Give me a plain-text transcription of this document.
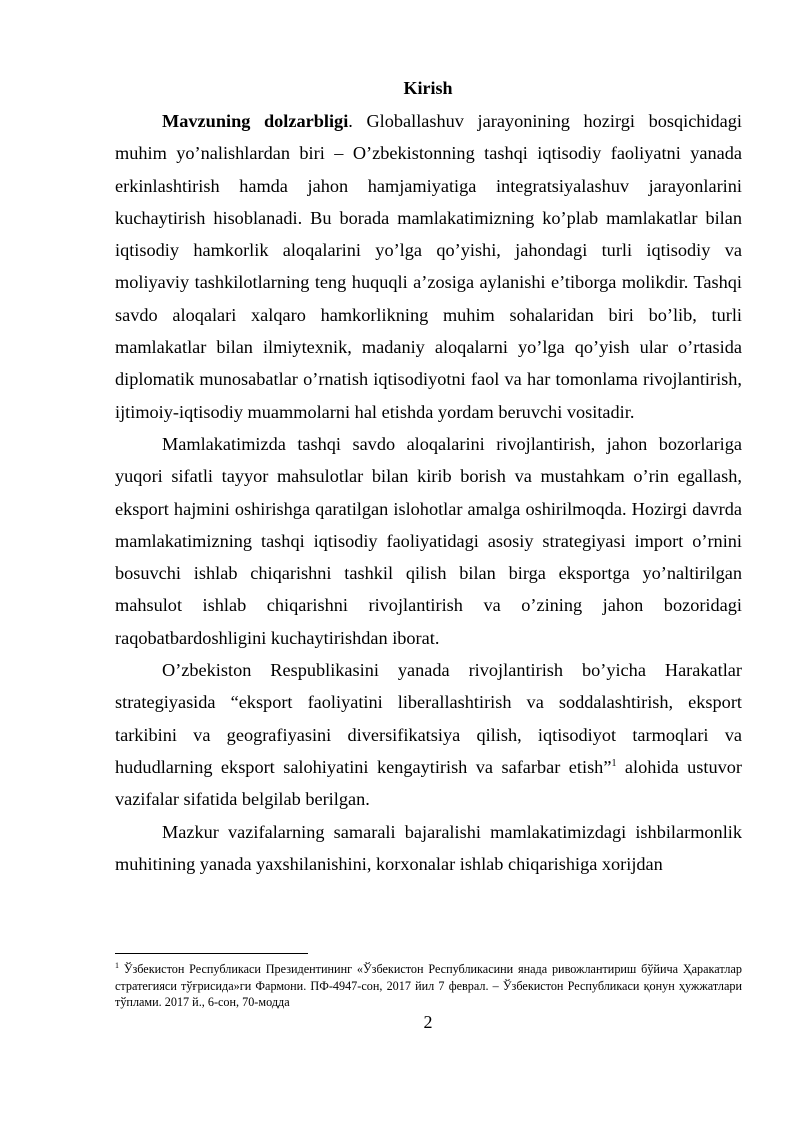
Kirish

Mavzuning dolzarbligi. Globallashuv jarayonining hozirgi bosqichidagi muhim yo’nalishlardan biri – O’zbekistonning tashqi iqtisodiy faoliyatni yanada erkinlashtirish hamda jahon hamjamiyatiga integratsiyalashuv jarayonlarini kuchaytirish hisoblanadi. Bu borada mamlakatimizning ko’plab mamlakatlar bilan iqtisodiy hamkorlik aloqalarini yo’lga qo’yishi, jahondagi turli iqtisodiy va moliyaviy tashkilotlarning teng huquqli a’zosiga aylanishi e’tiborga molikdir. Tashqi savdo aloqalari xalqaro hamkorlikning muhim sohalaridan biri bo’lib, turli mamlakatlar bilan ilmiytexnik, madaniy aloqalarni yo’lga qo’yish ular o’rtasida diplomatik munosabatlar o’rnatish iqtisodiyotni faol va har tomonlama rivojlantirish, ijtimoiy-iqtisodiy muammolarni hal etishda yordam beruvchi vositadir.

Mamlakatimizda tashqi savdo aloqalarini rivojlantirish, jahon bozorlariga yuqori sifatli tayyor mahsulotlar bilan kirib borish va mustahkam o’rin egallash, eksport hajmini oshirishga qaratilgan islohotlar amalga oshirilmoqda. Hozirgi davrda mamlakatimizning tashqi iqtisodiy faoliyatidagi asosiy strategiyasi import o’rnini bosuvchi ishlab chiqarishni tashkil qilish bilan birga eksportga yo’naltirilgan mahsulot ishlab chiqarishni rivojlantirish va o’zining jahon bozoridagi raqobatbardoshligini kuchaytirishdan iborat.

O’zbekiston Respublikasini yanada rivojlantirish bo’yicha Harakatlar strategiyasida “eksport faoliyatini liberallashtirish va soddalashtirish, eksport tarkibini va geografiyasini diversifikatsiya qilish, iqtisodiyot tarmoqlari va hududlarning eksport salohiyatini kengaytirish va safarbar etish”$^1$ alohida ustuvor vazifalar sifatida belgilab berilgan.

Mazkur vazifalarning samarali bajaralishi mamlakatimizdagi ishbilarmonlik muhitining yanada yaxshilanishini, korxonalar ishlab chiqarishiga xorijdan

$^1$ Ўзбекистон Республикаси Президентининг «Ўзбекистон Республикасини янада ривожлантириш бўйича Ҳаракатлар стратегияси тўғрисида»ги Фармони. ПФ-4947-сон, 2017 йил 7 феврал. – Ўзбекистон Республикаси қонун ҳужжатлари тўплами. 2017 й., 6-сон, 70-модда
2
